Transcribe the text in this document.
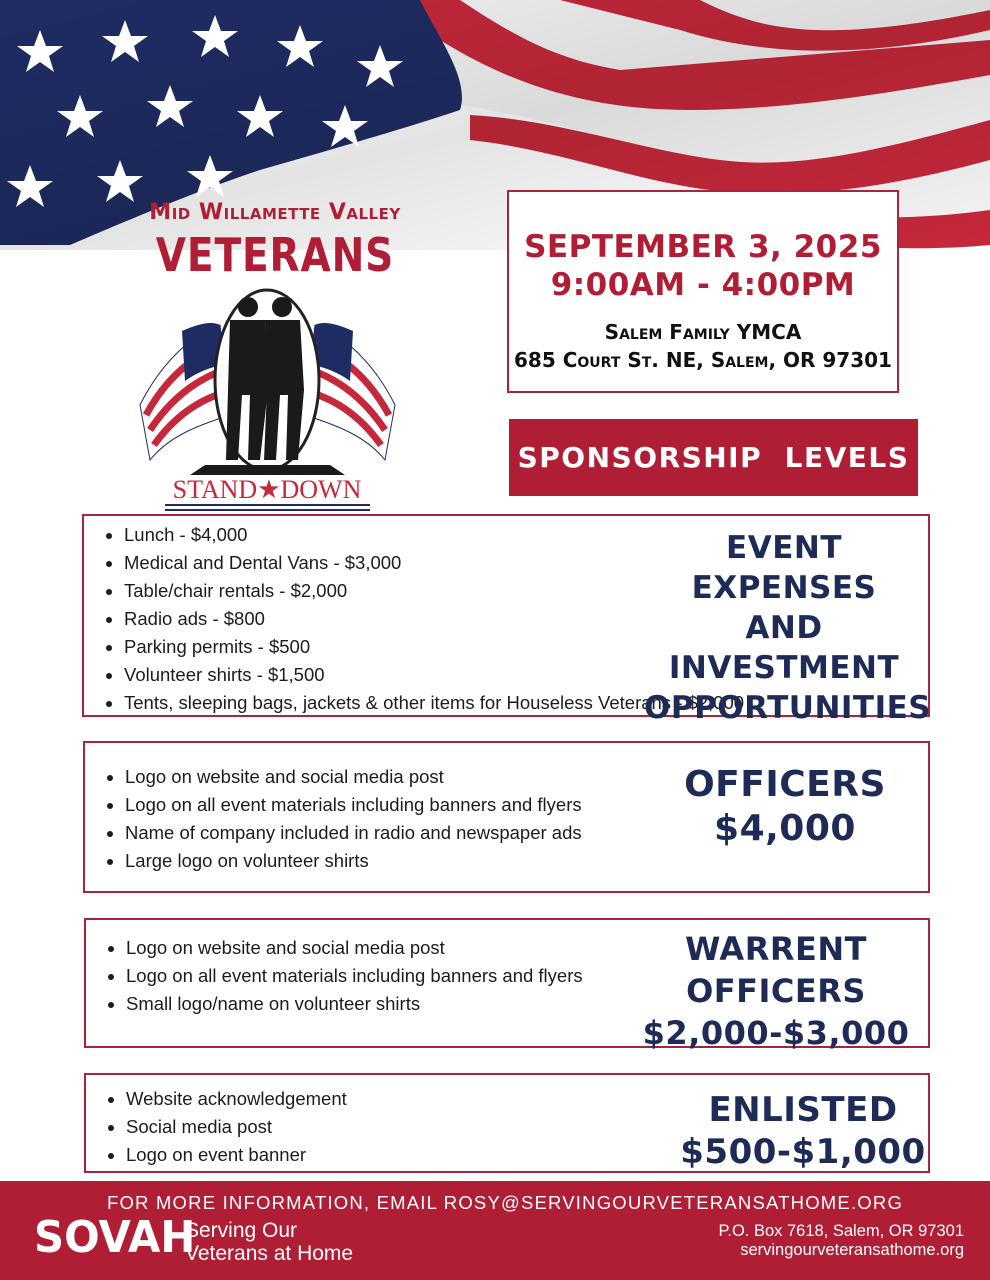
Mid Willamette Valley
VETERANS
STAND★DOWN
SEPTEMBER 3, 2025
9:00AM - 4:00PM
Salem Family YMCA
685 Court St. NE, Salem, OR 97301
SPONSORSHIP  LEVELS
• Lunch - $4,000
• Medical and Dental Vans - $3,000
• Table/chair rentals - $2,000
• Radio ads - $800
• Parking permits - $500
• Volunteer shirts - $1,500
• Tents, sleeping bags, jackets & other items for Houseless Veterans - $2,000
EVENT EXPENSES
AND INVESTMENT
OPPORTUNITIES
• Logo on website and social media post
• Logo on all event materials including banners and flyers
• Name of company included in radio and newspaper ads
• Large logo on volunteer shirts
OFFICERS
$4,000
• Logo on website and social media post
• Logo on all event materials including banners and flyers
• Small logo/name on volunteer shirts
WARRENT OFFICERS
$2,000-$3,000
• Website acknowledgement
• Social media post
• Logo on event banner
ENLISTED
$500-$1,000
FOR MORE INFORMATION, EMAIL ROSY@SERVINGOURVETERANSATHOME.ORG
SOVAH
Serving Our
Veterans at Home
P.O. Box 7618, Salem, OR 97301
servingourveteransathome.org
